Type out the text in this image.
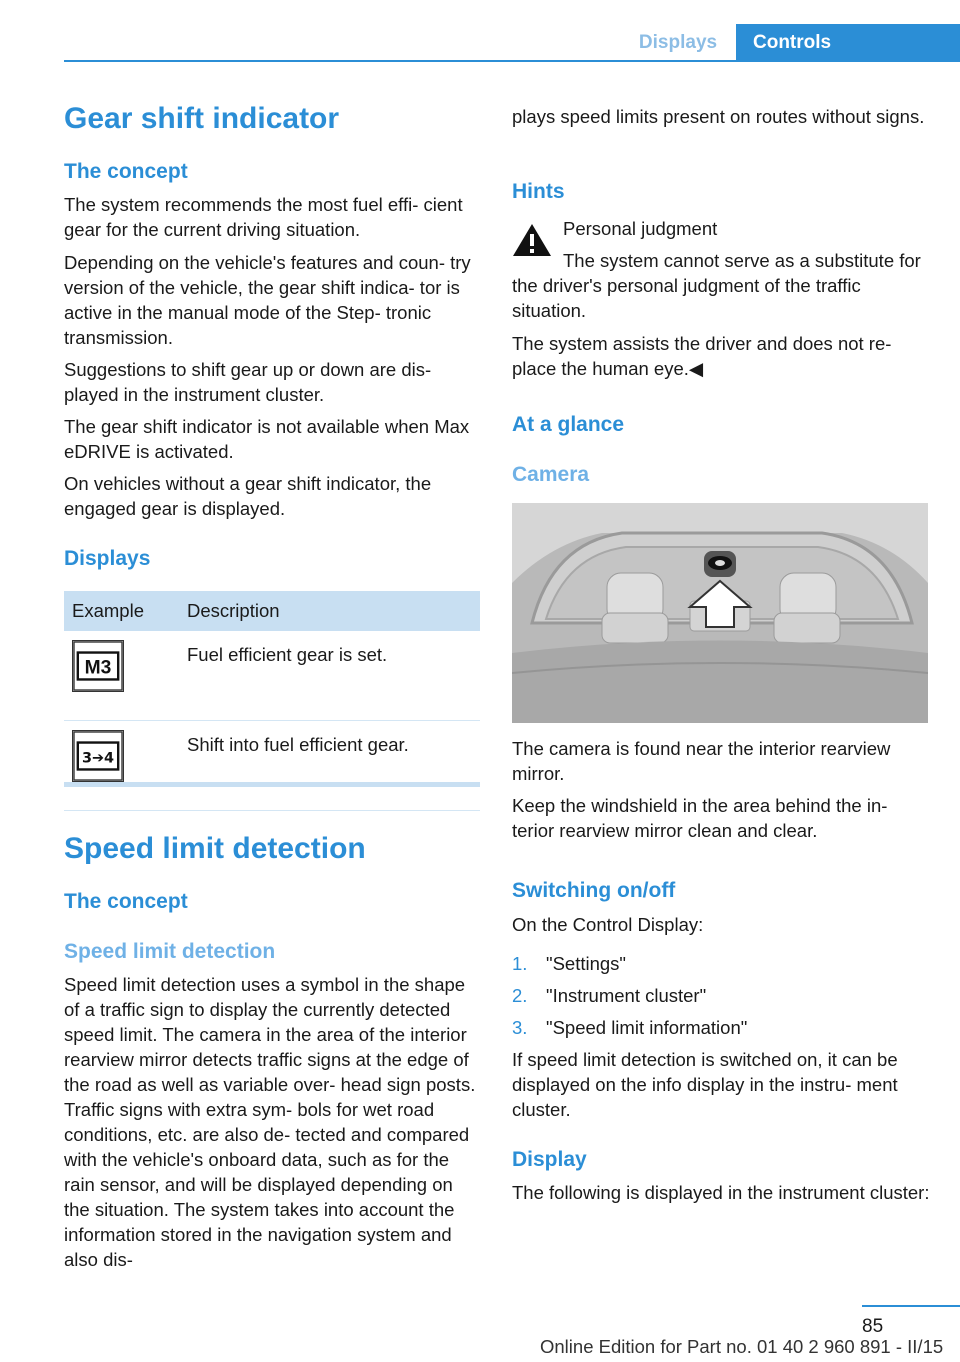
Displays	Controls
Gear shift indicator
The concept

The system recommends the most fuel effi‐ cient gear for the current driving situation.

Depending on the vehicle's features and coun‐ try version of the vehicle, the gear shift indica‐ tor is active in the manual mode of the Step‐ tronic transmission.

Suggestions to shift gear up or down are dis‐ played in the instrument cluster.

The gear shift indicator is not available when Max eDRIVE is activated.

On vehicles without a gear shift indicator, the engaged gear is displayed.

Displays
Speed limit detection
The concept
Speed limit detection

Speed limit detection uses a symbol in the shape of a traffic sign to display the currently detected speed limit. The camera in the area of the interior rearview mirror detects traffic signs at the edge of the road as well as variable over‐ head sign posts. Traffic signs with extra sym‐ bols for wet road conditions, etc. are also de‐ tected and compared with the vehicle's onboard data, such as for the rain sensor, and will be displayed depending on the situation. The system takes into account the information stored in the navigation system and also dis‐

Example	Description

M3	Fuel efficient gear is set.

3➔4	Shift into fuel efficient gear.

plays speed limits present on routes without signs.

Hints

Personal judgment

The system cannot serve as a substitute for the driver's personal judgment of the traffic situation.

The system assists the driver and does not re‐ place the human eye.◀

At a glance
Camera

The camera is found near the interior rearview mirror.

Keep the windshield in the area behind the in‐ terior rearview mirror clean and clear.

Switching on/off

On the Control Display:

If speed limit detection is switched on, it can be displayed on the info display in the instru‐ ment cluster.

Display

The following is displayed in the instrument cluster:

1. "Settings"
2. "Instrument cluster"
3. "Speed limit information"
85
Online Edition for Part no. 01 40 2 960 891 - II/15
